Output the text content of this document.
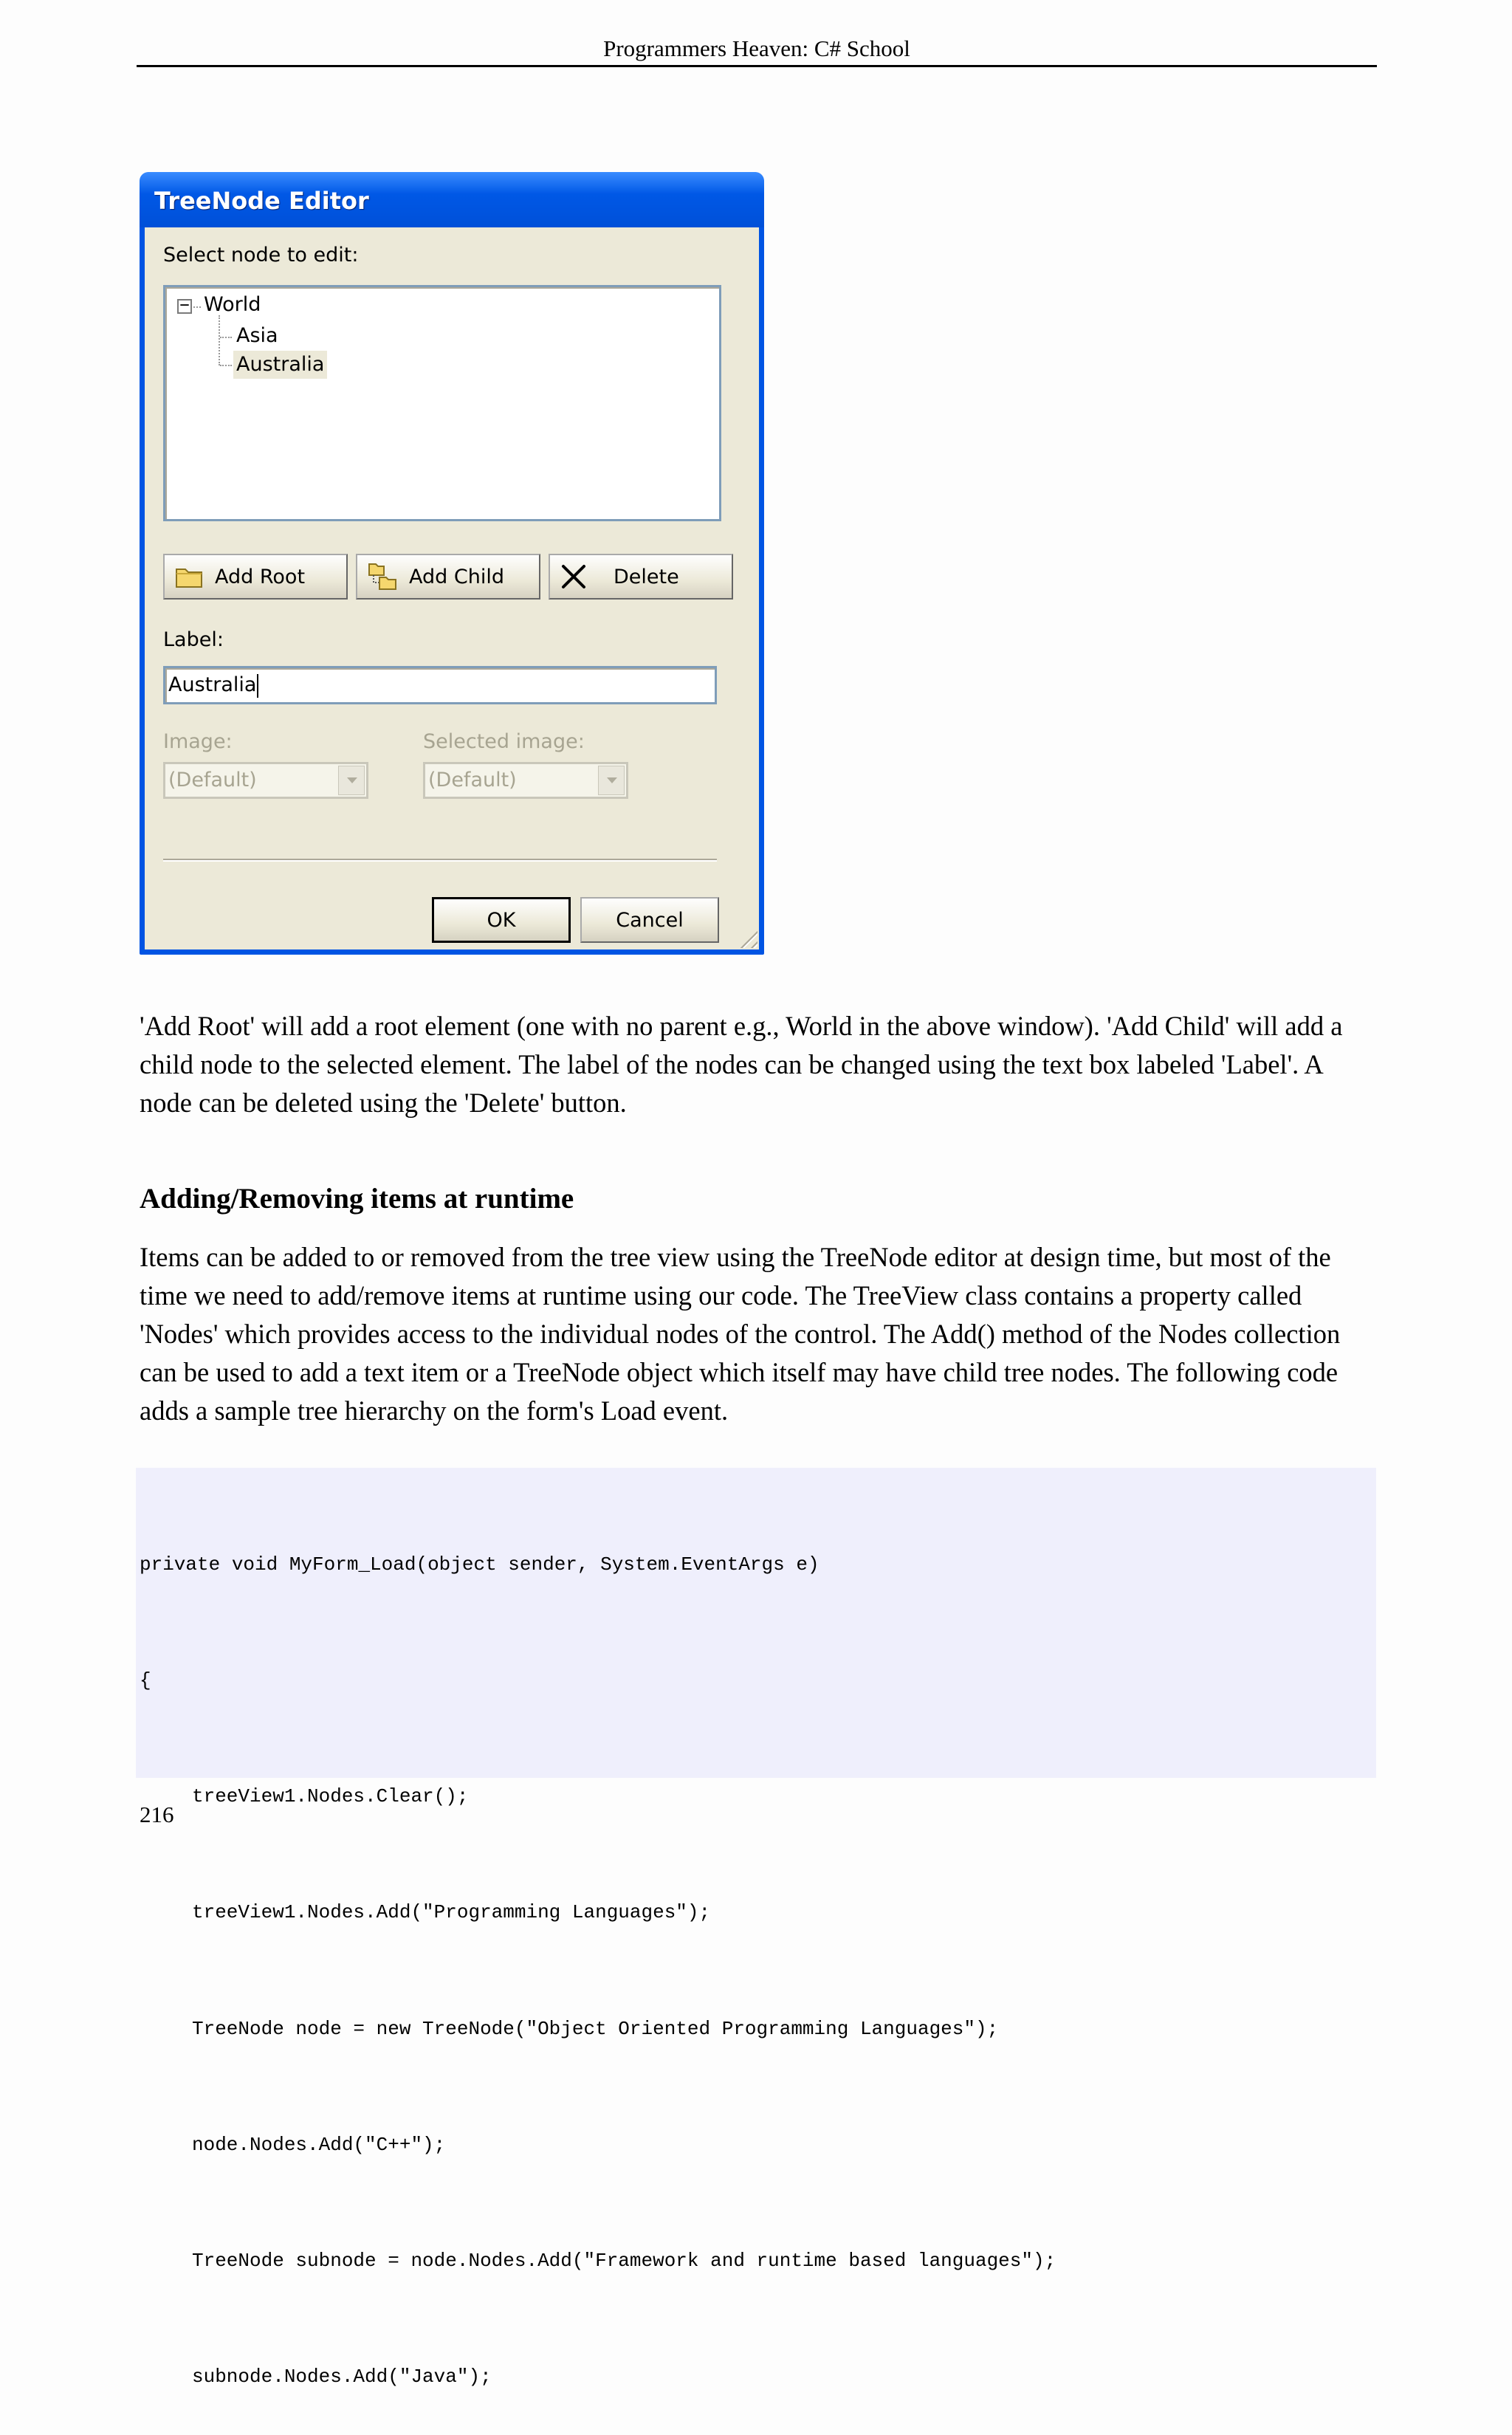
Programmers Heaven: C# School
TreeNode Editor
Select node to edit:
− World
Asia
Australia
Add Root	Add Child	Delete
Label:
Australia
Image:
(Default)
Selected image:
(Default)
OK	Cancel

'Add Root' will add a root element (one with no parent e.g., World in the above window). 'Add Child' will add a child node to the selected element. The label of the nodes can be changed using the text box labeled 'Label'. A node can be deleted using the 'Delete' button.

Adding/Removing items at runtime

Items can be added to or removed from the tree view using the TreeNode editor at design time, but most of the time we need to add/remove items at runtime using our code. The TreeView class contains a property called 'Nodes' which provides access to the individual nodes of the control. The Add() method of the Nodes collection can be used to add a text item or a TreeNode object which itself may have child tree nodes. The following code adds a sample tree hierarchy on the form's Load event.

private void MyForm_Load(object sender, System.EventArgs e)

{

treeView1.Nodes.Clear();

treeView1.Nodes.Add("Programming Languages");

TreeNode node = new TreeNode("Object Oriented Programming Languages");

node.Nodes.Add("C++");

TreeNode subnode = node.Nodes.Add("Framework and runtime based languages");

subnode.Nodes.Add("Java");

216
